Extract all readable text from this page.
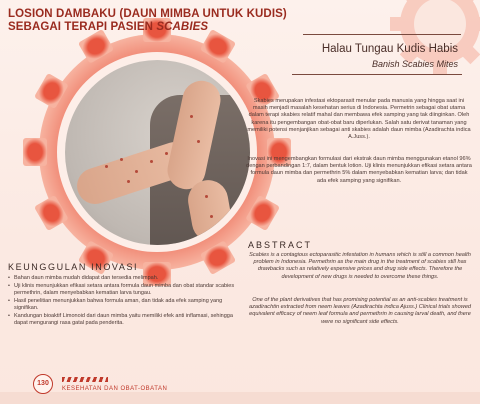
LOSION DAMBAKU (DAUN MIMBA UNTUK KUDIS)
SEBAGAI TERAPI PASIEN SCABIES
Halau Tungau Kudis Habis
Banish Scabies Mites
Skabies merupakan infestasi ektoparasit menular pada manusia yang hingga saat ini masih menjadi masalah kesehatan serius di Indonesia. Permetrin sebagai obat utama dalam terapi skabies relatif mahal dan membawa efek samping yang tak diinginkan. Oleh karena itu pengembangan obat-obat baru diperlukan. Salah satu derivat tanaman yang memiliki potensi menjanjikan sebagai anti skabies adalah daun mimba (Azadirachta indica A.Juss.).
Inovasi ini mengembangkan formulasi dari ekstrak daun mimba menggunakan etanol 96% dengan perbandingan 1:7, dalam bentuk lotion. Uji klinis menunjukkan efikasi setara antara formula daun mimba dan permethrin 5% dalam menyebabkan kematian larva; dan tidak ada efek samping yang signifikan.
ABSTRACT
Scabies is a contagious ectoparasitic infestation in humans which is still a common health problem in Indonesia. Permethrin as the main drug in the treatment of scabies still has drawbacks such as relatively expensive prices and drug side effects. Therefore the development of new drugs is needed to overcome these things.
One of the plant derivatives that has promising potential as an anti-scabies treatment is azadirachtin extracted from neem leaves (Azadirachta indica Ajuss.) Clinical trials showed equivalent efficacy of neem leaf formula and permethrin in causing larval death, and there were no significant side effects.
KEUNGGULAN INOVASI
• Bahan daun mimba mudah didapat dan tersedia melimpah.
• Uji klinis menunjukkan efikasi setara antara formula daun mimba dan obat standar scabies permethrin, dalam menyebabkan kematian larva tungau.
• Hasil penelitian menunjukkan bahwa formula aman, dan tidak ada efek samping yang signifikan.
• Kandungan bioaktif Limonoid dari daun mimba yaitu memiliki efek anti inflamasi, sehingga dapat mengurangi rasa gatal pada penderita.
130
KESEHATAN DAN OBAT-OBATAN
